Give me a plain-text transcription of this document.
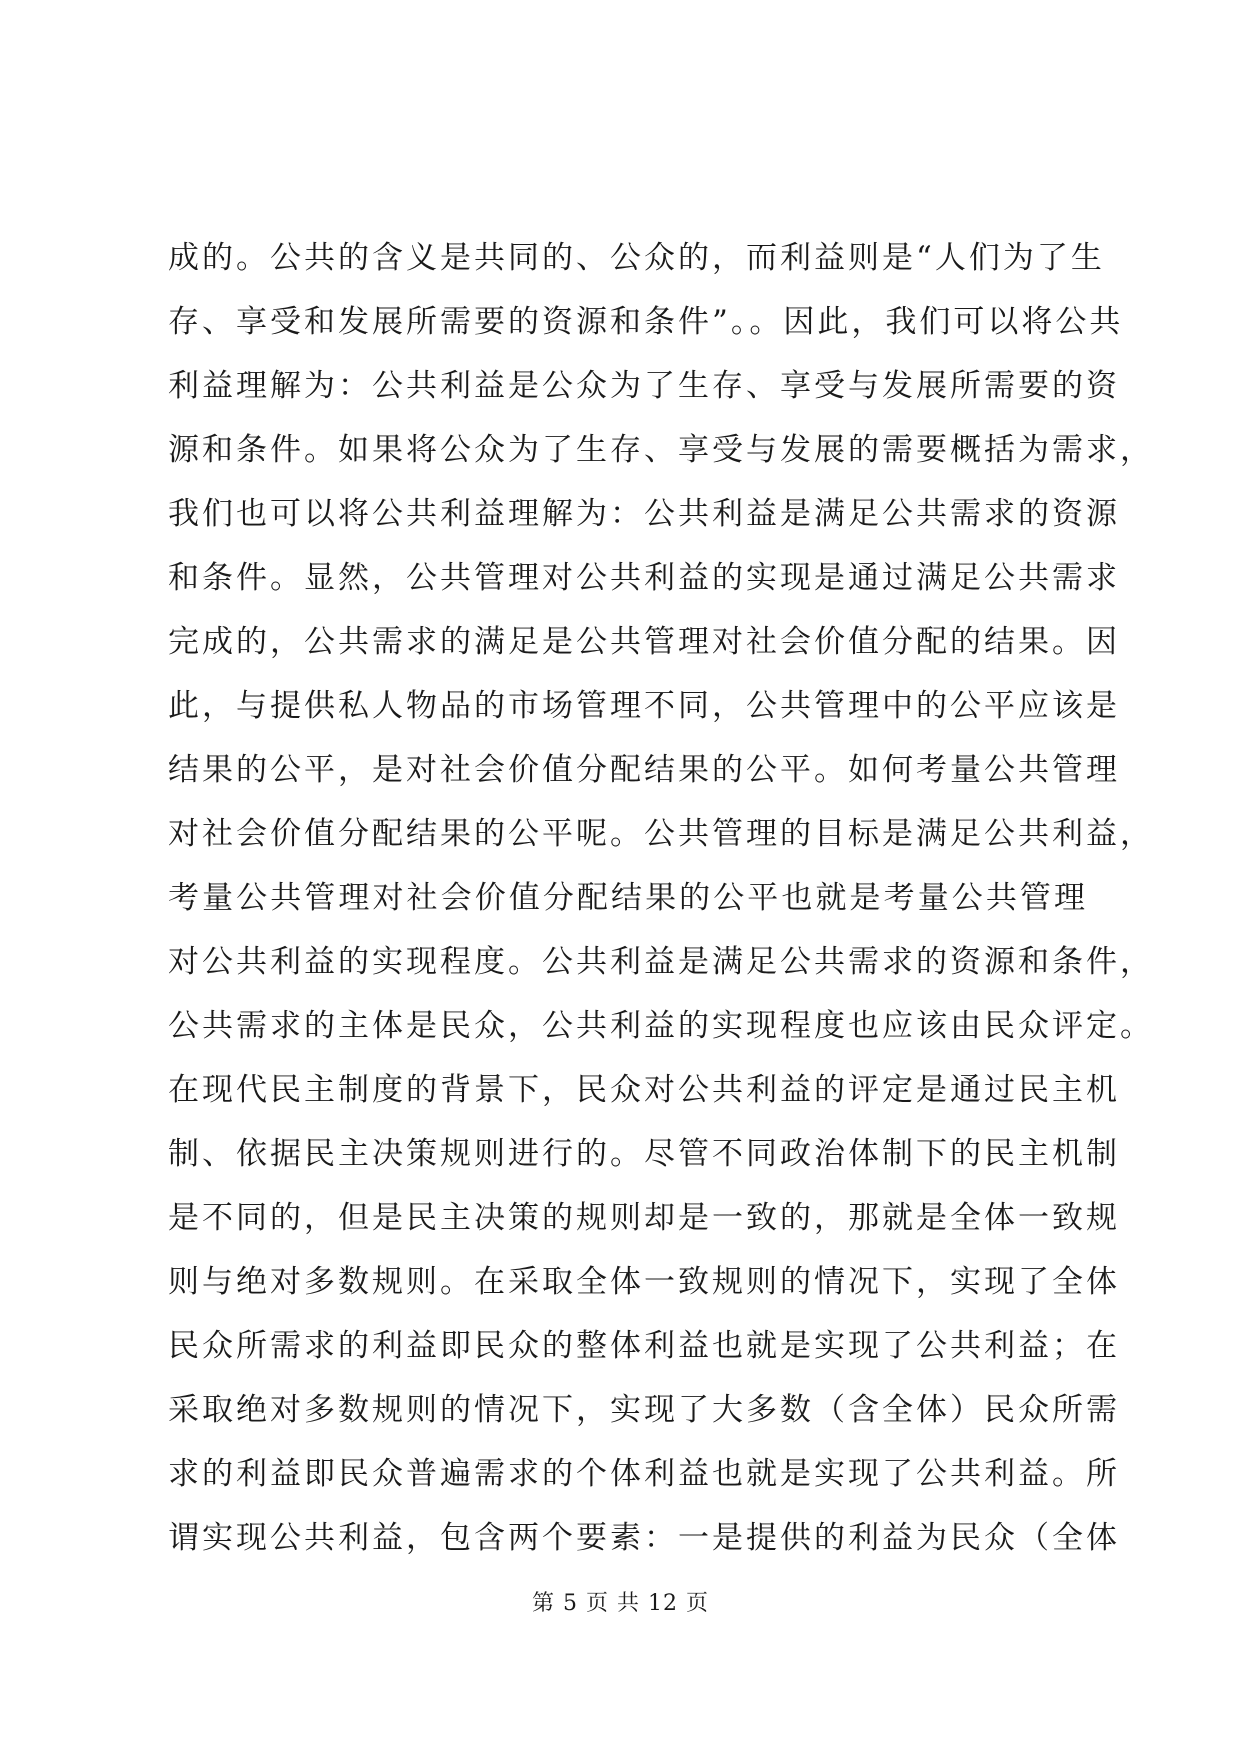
成的。公共的含义是共同的、公众的，而利益则是“人们为了生
存、享受和发展所需要的资源和条件”。。因此，我们可以将公共
利益理解为：公共利益是公众为了生存、享受与发展所需要的资
源和条件。如果将公众为了生存、享受与发展的需要概括为需求，
我们也可以将公共利益理解为：公共利益是满足公共需求的资源
和条件。显然，公共管理对公共利益的实现是通过满足公共需求
完成的，公共需求的满足是公共管理对社会价值分配的结果。因
此，与提供私人物品的市场管理不同，公共管理中的公平应该是
结果的公平，是对社会价值分配结果的公平。如何考量公共管理
对社会价值分配结果的公平呢。公共管理的目标是满足公共利益，
考量公共管理对社会价值分配结果的公平也就是考量公共管理
对公共利益的实现程度。公共利益是满足公共需求的资源和条件，
公共需求的主体是民众，公共利益的实现程度也应该由民众评定。
在现代民主制度的背景下，民众对公共利益的评定是通过民主机
制、依据民主决策规则进行的。尽管不同政治体制下的民主机制
是不同的，但是民主决策的规则却是一致的，那就是全体一致规
则与绝对多数规则。在采取全体一致规则的情况下，实现了全体
民众所需求的利益即民众的整体利益也就是实现了公共利益；在
采取绝对多数规则的情况下，实现了大多数（含全体）民众所需
求的利益即民众普遍需求的个体利益也就是实现了公共利益。所
谓实现公共利益，包含两个要素：一是提供的利益为民众（全体
第 5 页 共 12 页
